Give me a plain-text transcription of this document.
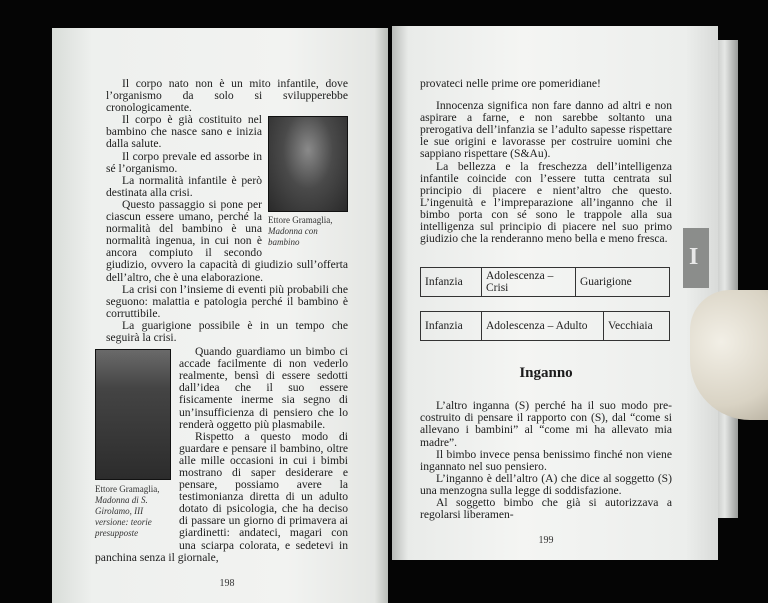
Il corpo nato non è un mito infantile, dove l’organismo da solo si svilupperebbe cronologicamente.

Ettore Gramaglia, Madonna con bambino

Il corpo è già costituito nel bambino che nasce sano e inizia dalla salute.

Il corpo prevale ed assorbe in sé l’organismo.

La normalità infantile è però destinata alla crisi.

Questo passaggio si pone per ciascun essere umano, perché la normalità del bambino è una normalità ingenua, in cui non è ancora compiuto il secondo giudizio, ovvero la capacità di giudizio sull’offerta dell’altro, che è una elaborazione.

La crisi con l’insieme di eventi più probabili che seguono: malattia e patologia perché il bambino è corruttibile.

La guarigione possibile è in un tempo che seguirà la crisi.

Ettore Gramaglia, Madonna di S. Girolamo, III versione: teorie presupposte

Quando guardiamo un bimbo ci accade facilmente di non vederlo realmente, bensì di essere sedotti dall’idea che il suo essere fisicamente inerme sia segno di un’insufficienza di pensiero che lo renderà oggetto più plasmabile.

Rispetto a questo modo di guardare e pensare il bambino, oltre alle mille occasioni in cui i bimbi mostrano di saper desiderare e pensare, possiamo avere la testimonianza diretta di un adulto dotato di psicologia, che ha deciso di passare un giorno di primavera ai giardinetti: andateci, magari con una sciarpa colorata, e sedetevi in panchina senza il giornale,

198

provateci nelle prime ore pomeridiane!

Innocenza significa non fare danno ad altri e non aspirare a farne, e non sarebbe soltanto una prerogativa dell’infanzia se l’adulto sapesse rispettare le sue origini e lavorasse per costruire uomini che sappiano rispettare (S&Au).

La bellezza e la freschezza dell’intelligenza infantile coincide con l’essere tutta centrata sul principio di piacere e nient’altro che questo. L’ingenuità e l’impreparazione all’inganno che il bimbo porta con sé sono le trappole alla sua intelligenza sul principio di piacere nel suo primo giudizio che la renderanno meno bella e meno fresca.

Infanzia	Adolescenza – Crisi	Guarigione
Infanzia	Adolescenza – Adulto	Vecchiaia
Inganno

L’altro inganna (S) perché ha il suo modo pre-costruito di pensare il rapporto con (S), dal “come si allevano i bambini” al “come mi ha allevato mia madre”.

Il bimbo invece pensa benissimo finché non viene ingannato nel suo pensiero.

L’inganno è dell’altro (A) che dice al soggetto (S) una menzogna sulla legge di soddisfazione.

Al soggetto bimbo che già si autorizzava a regolarsi liberamen-

199
I
